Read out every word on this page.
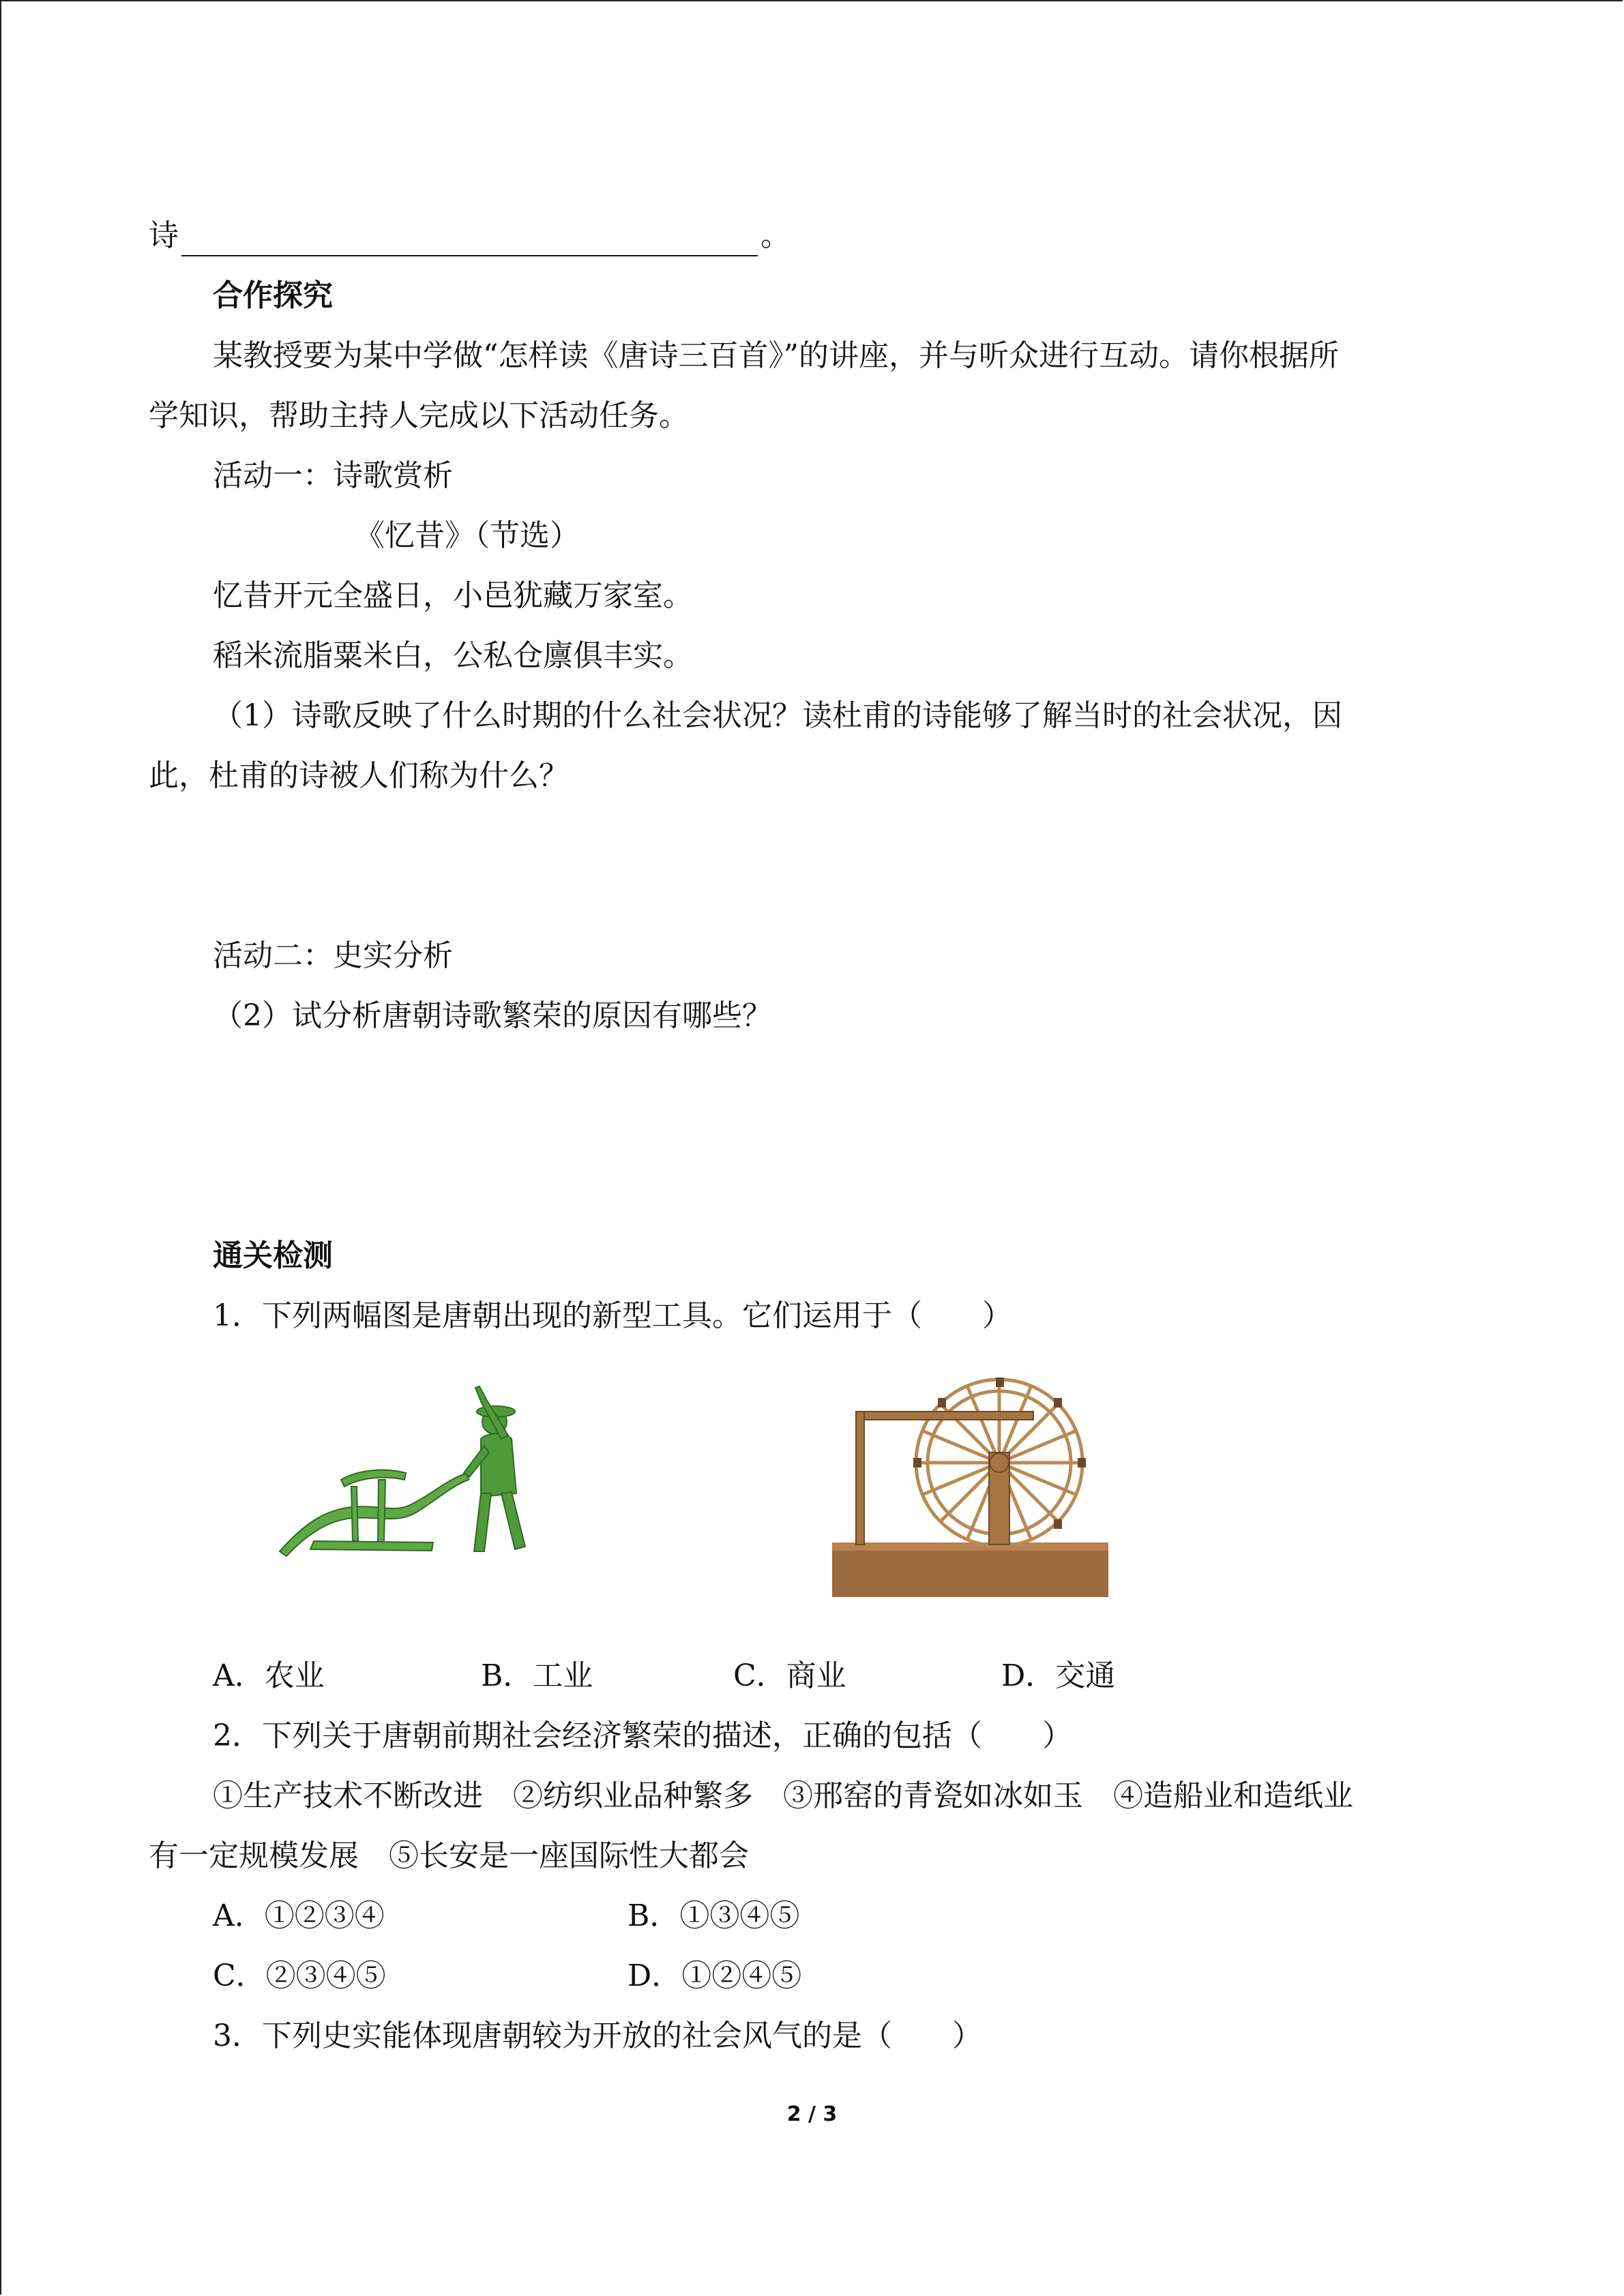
诗	。
合作探究
某教授要为某中学做“怎样读《唐诗三百首》”的讲座，并与听众进行互动。请你根据所
学知识，帮助主持人完成以下活动任务。
活动一：诗歌赏析
《忆昔》（节选）
忆昔开元全盛日，小邑犹藏万家室。
稻米流脂粟米白，公私仓廪俱丰实。
（1）诗歌反映了什么时期的什么社会状况？读杜甫的诗能够了解当时的社会状况，因
此，杜甫的诗被人们称为什么？
活动二：史实分析
（2）试分析唐朝诗歌繁荣的原因有哪些？
通关检测
1．下列两幅图是唐朝出现的新型工具。它们运用于（　　）
A．农业	B．工业	C．商业	D．交通
2．下列关于唐朝前期社会经济繁荣的描述，正确的包括（　　）
①生产技术不断改进　②纺织业品种繁多　③邢窑的青瓷如冰如玉　④造船业和造纸业
有一定规模发展　⑤长安是一座国际性大都会
A．①②③④	B．①③④⑤
C．②③④⑤	D．①②④⑤
3．下列史实能体现唐朝较为开放的社会风气的是（　　）
2 / 3
